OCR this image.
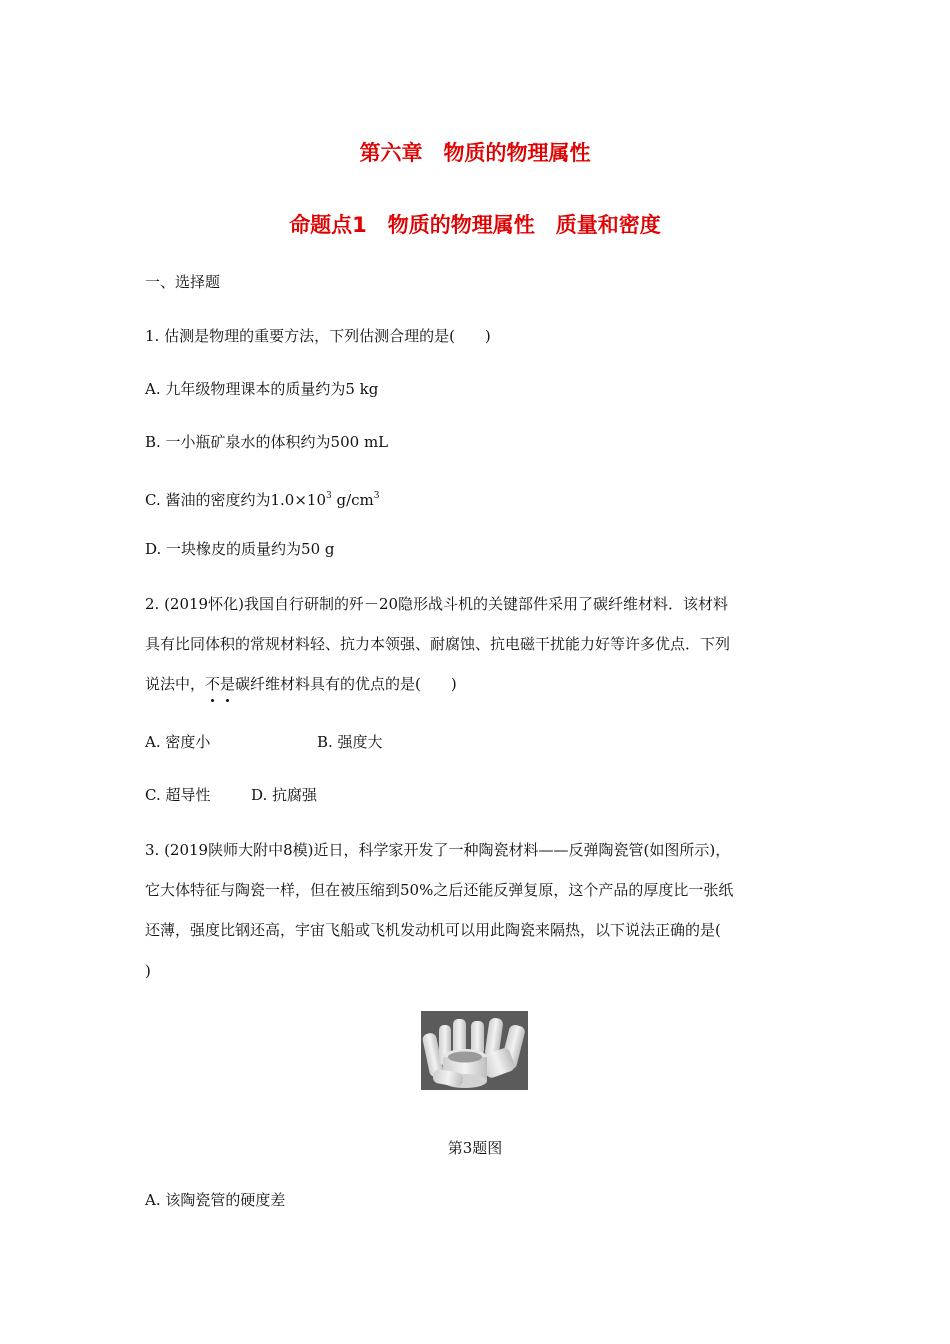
第六章　物质的物理属性
命题点1　物质的物理属性　质量和密度
一、选择题
1. 估测是物理的重要方法，下列估测合理的是(　　)
A. 九年级物理课本的质量约为5 kg
B. 一小瓶矿泉水的体积约为500 mL
C. 酱油的密度约为$1.0\times 10^3$ $g/cm^3$
D. 一块橡皮的质量约为50 g
2. (2019怀化)我国自行研制的歼－20隐形战斗机的关键部件采用了碳纤维材料．该材料
具有比同体积的常规材料轻、抗力本领强、耐腐蚀、抗电磁干扰能力好等许多优点．下列
说法中，不是碳纤维材料具有的优点的是(　　)
A. 密度小	B. 强度大
C. 超导性	D. 抗腐强
3. (2019陕师大附中8模)近日，科学家开发了一种陶瓷材料——反弹陶瓷管(如图所示)，
它大体特征与陶瓷一样，但在被压缩到50%之后还能反弹复原，这个产品的厚度比一张纸
还薄，强度比钢还高，宇宙飞船或飞机发动机可以用此陶瓷来隔热，以下说法正确的是(
)
第3题图
A. 该陶瓷管的硬度差
